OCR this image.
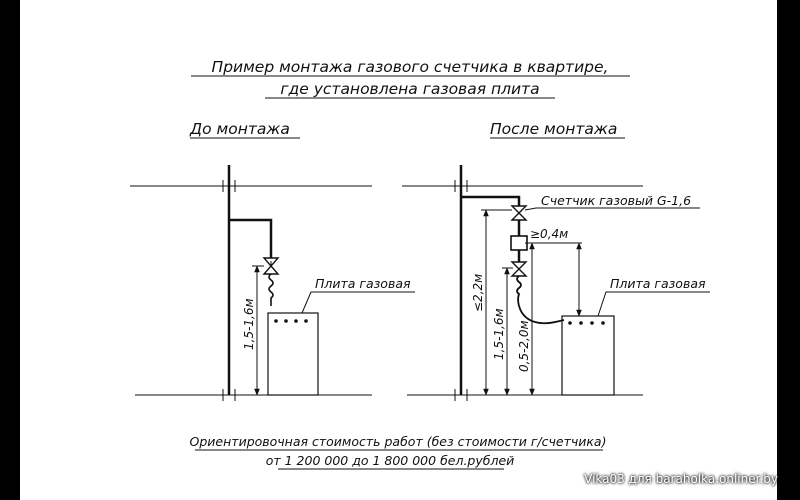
Пример монтажа газового счетчика в квартире,
где установлена газовая плита
До монтажа	После монтажа
Плита газовая
1,5-1,6м
Плита газовая
Счетчик газовый G-1,6
≥0,4м
≤2,2м
1,5-1,6м 0,5-2,0м
Ориентировочная стоимость работ (без стоимости г/счетчика)
от 1 200 000 до 1 800 000 бел.рублей
Vika03 для baraholka.onliner.by
